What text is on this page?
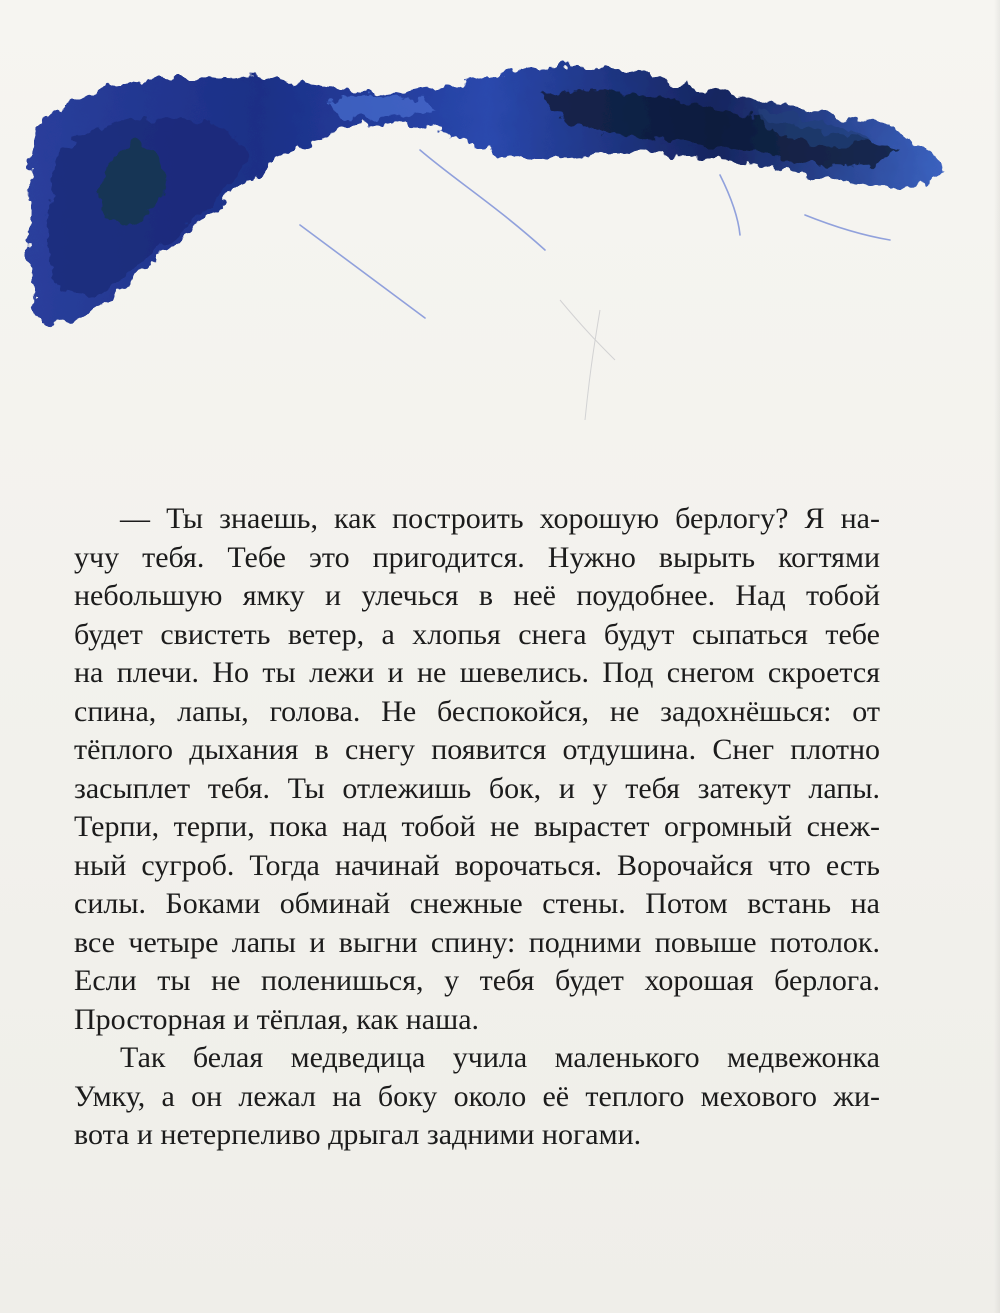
— Ты знаешь, как построить хорошую берлогу? Я на-
учу тебя. Тебе это пригодится. Нужно вырыть когтями
небольшую ямку и улечься в неё поудобнее. Над тобой
будет свистеть ветер, а хлопья снега будут сыпаться тебе
на плечи. Но ты лежи и не шевелись. Под снегом скроется
спина, лапы, голова. Не беспокойся, не задохнёшься: от
тёплого дыхания в снегу появится отдушина. Снег плотно
засыплет тебя. Ты отлежишь бок, и у тебя затекут лапы.
Терпи, терпи, пока над тобой не вырастет огромный снеж-
ный сугроб. Тогда начинай ворочаться. Ворочайся что есть
силы. Боками обминай снежные стены. Потом встань на
все четыре лапы и выгни спину: подними повыше потолок.
Если ты не поленишься, у тебя будет хорошая берлога.
Просторная и тёплая, как наша.
Так белая медведица учила маленького медвежонка
Умку, а он лежал на боку около её теплого мехового жи-
вота и нетерпеливо дрыгал задними ногами.
